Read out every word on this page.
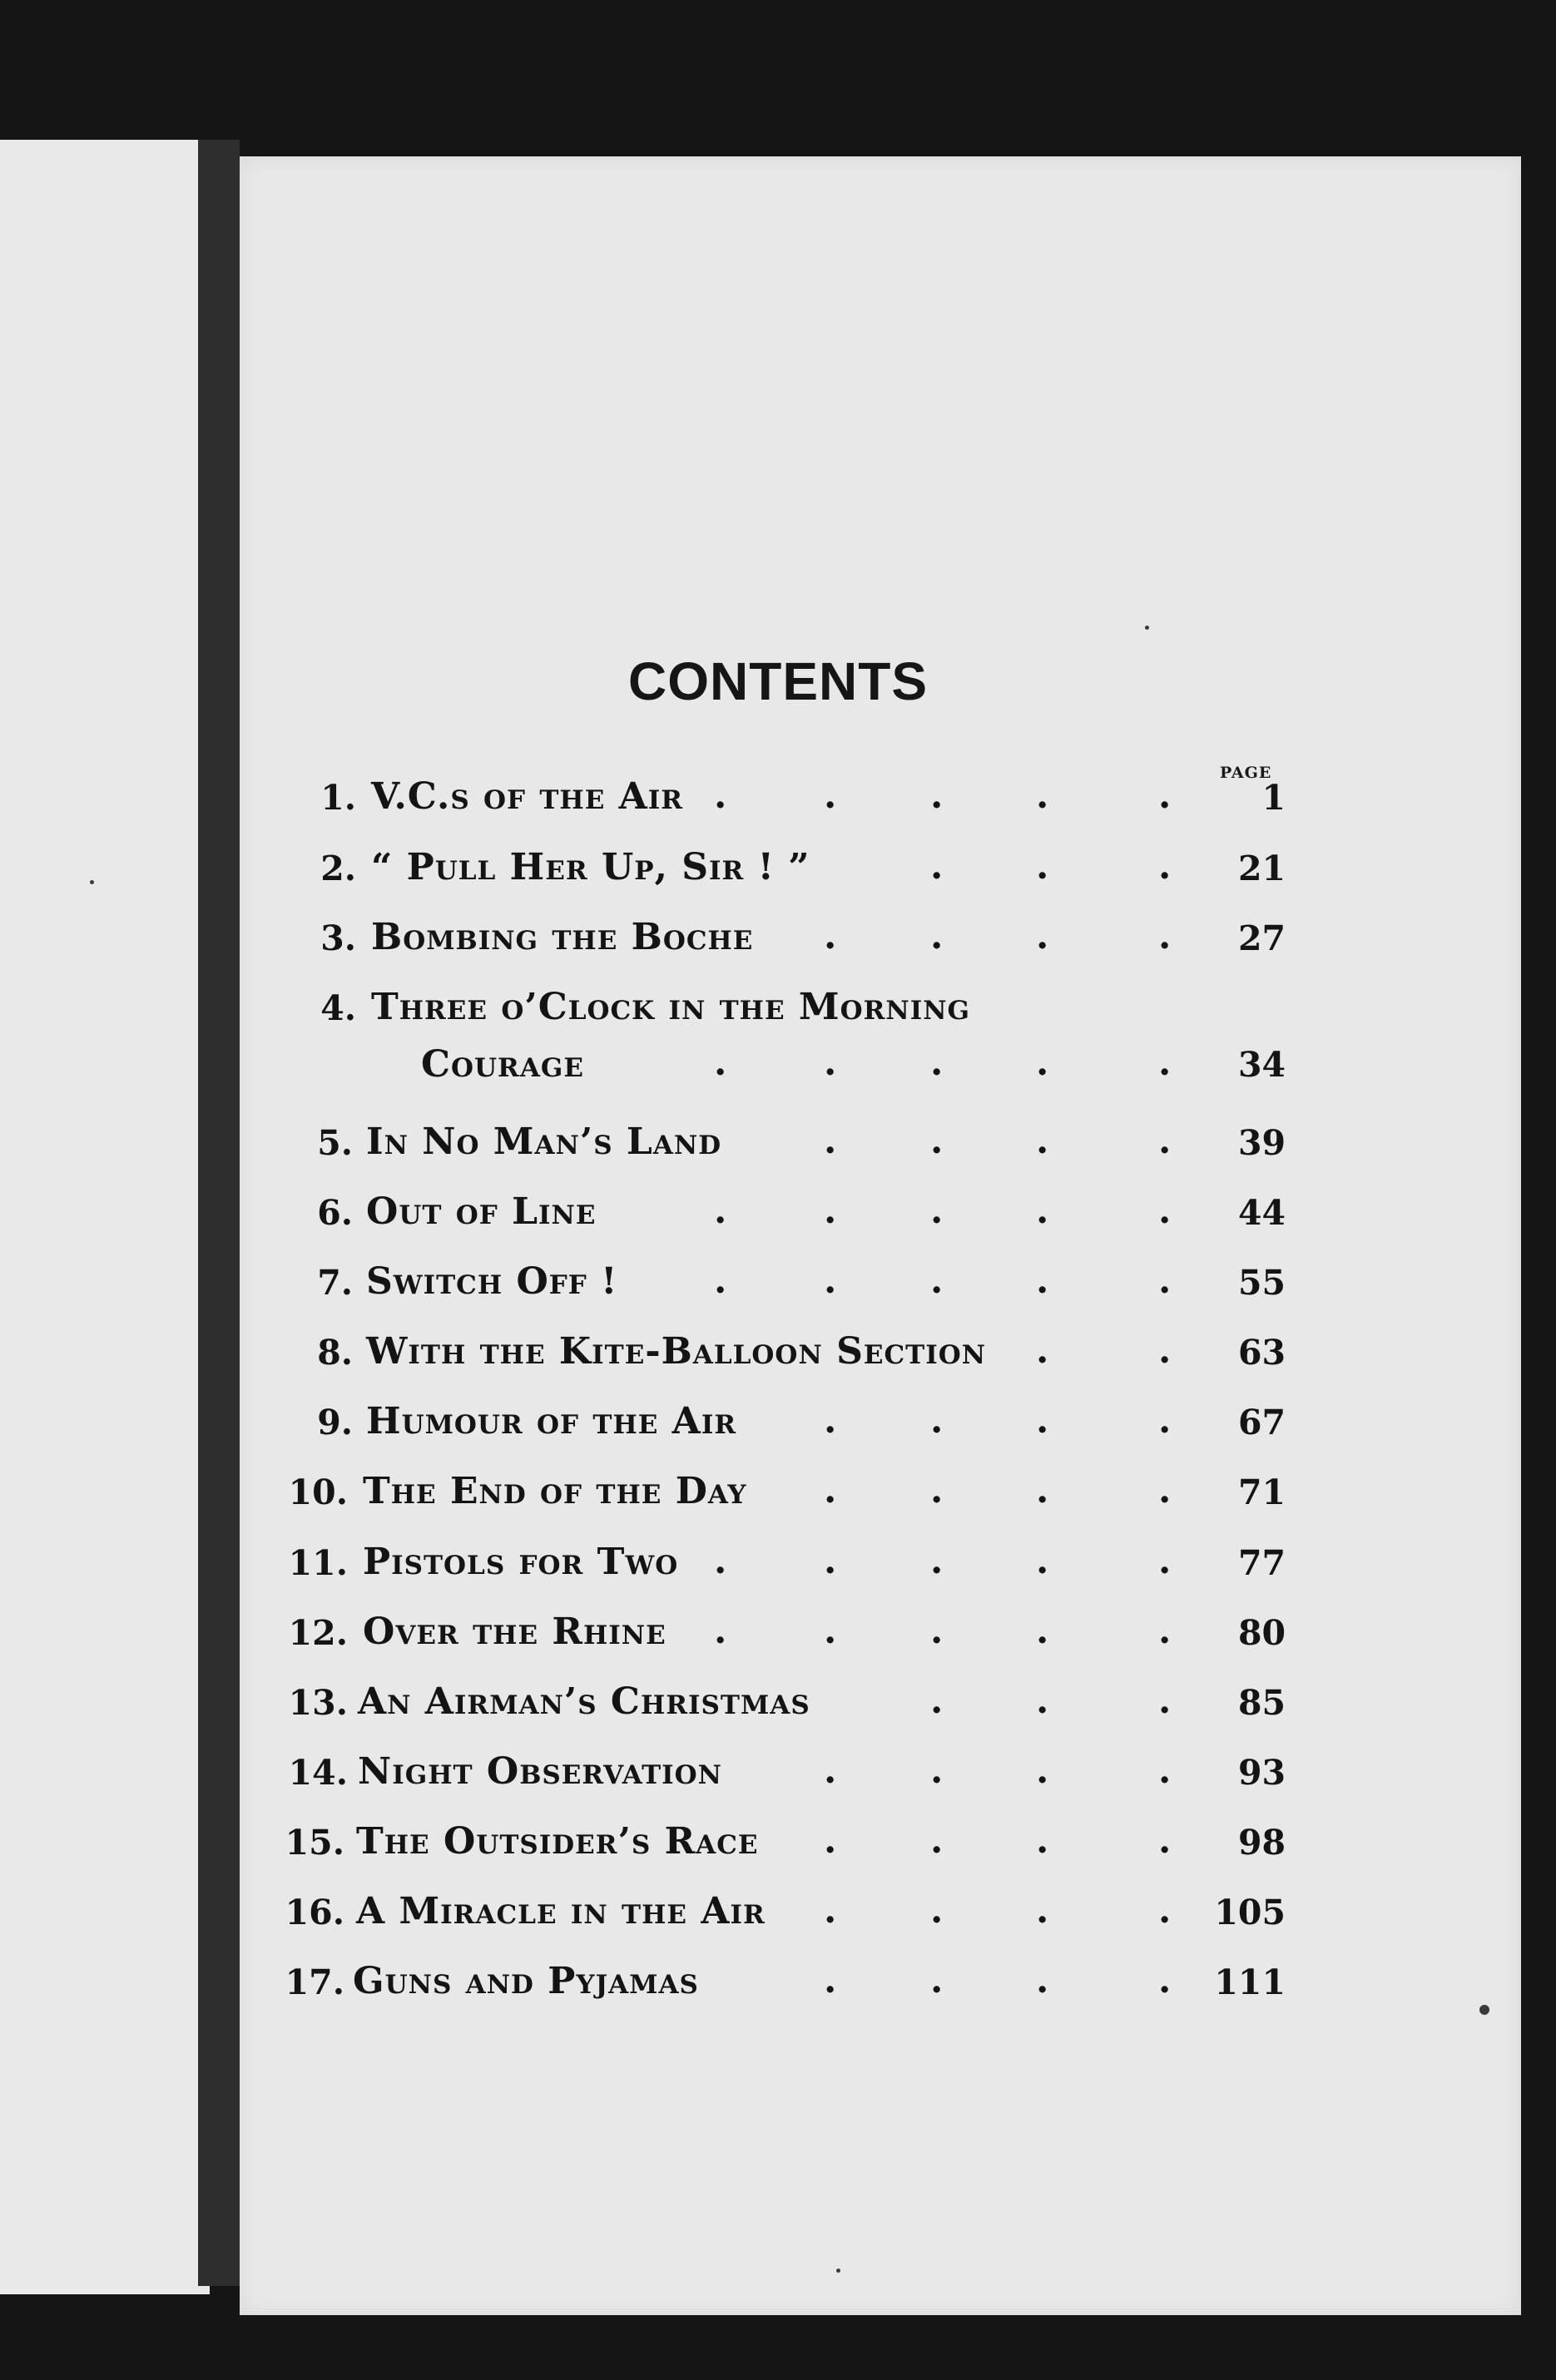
CONTENTS
PAGE
1. V.C.s of the Air .	.	.	.	.	1
2. “ Pull Her Up, Sir ! ”	.	.	.	21
3. Bombing the Boche .	.	.	.	27
4. Three o’Clock in the Morning
Courage	.	.	.	.	.	34
5. In No Man’s Land	.	.	.	.	39
6. Out of Line	.	.	.	.	.	44
7. Switch Off !	.	.	.	.	.	55
8. With the Kite-Balloon Section .	.	63
9. Humour of the Air .	.	.	.	67
10. The End of the Day .	.	.	.	71
11. Pistols for Two .	.	.	.	.	77
12. Over the Rhine .	.	.	.	.	80
13. An Airman’s Christmas	.	.	.	85
14. Night Observation	.	.	.	.	93
15. The Outsider’s Race .	.	.	.	98
16. A Miracle in the Air .	.	.	.	105
17. Guns and Pyjamas	.	.	.	.	111
